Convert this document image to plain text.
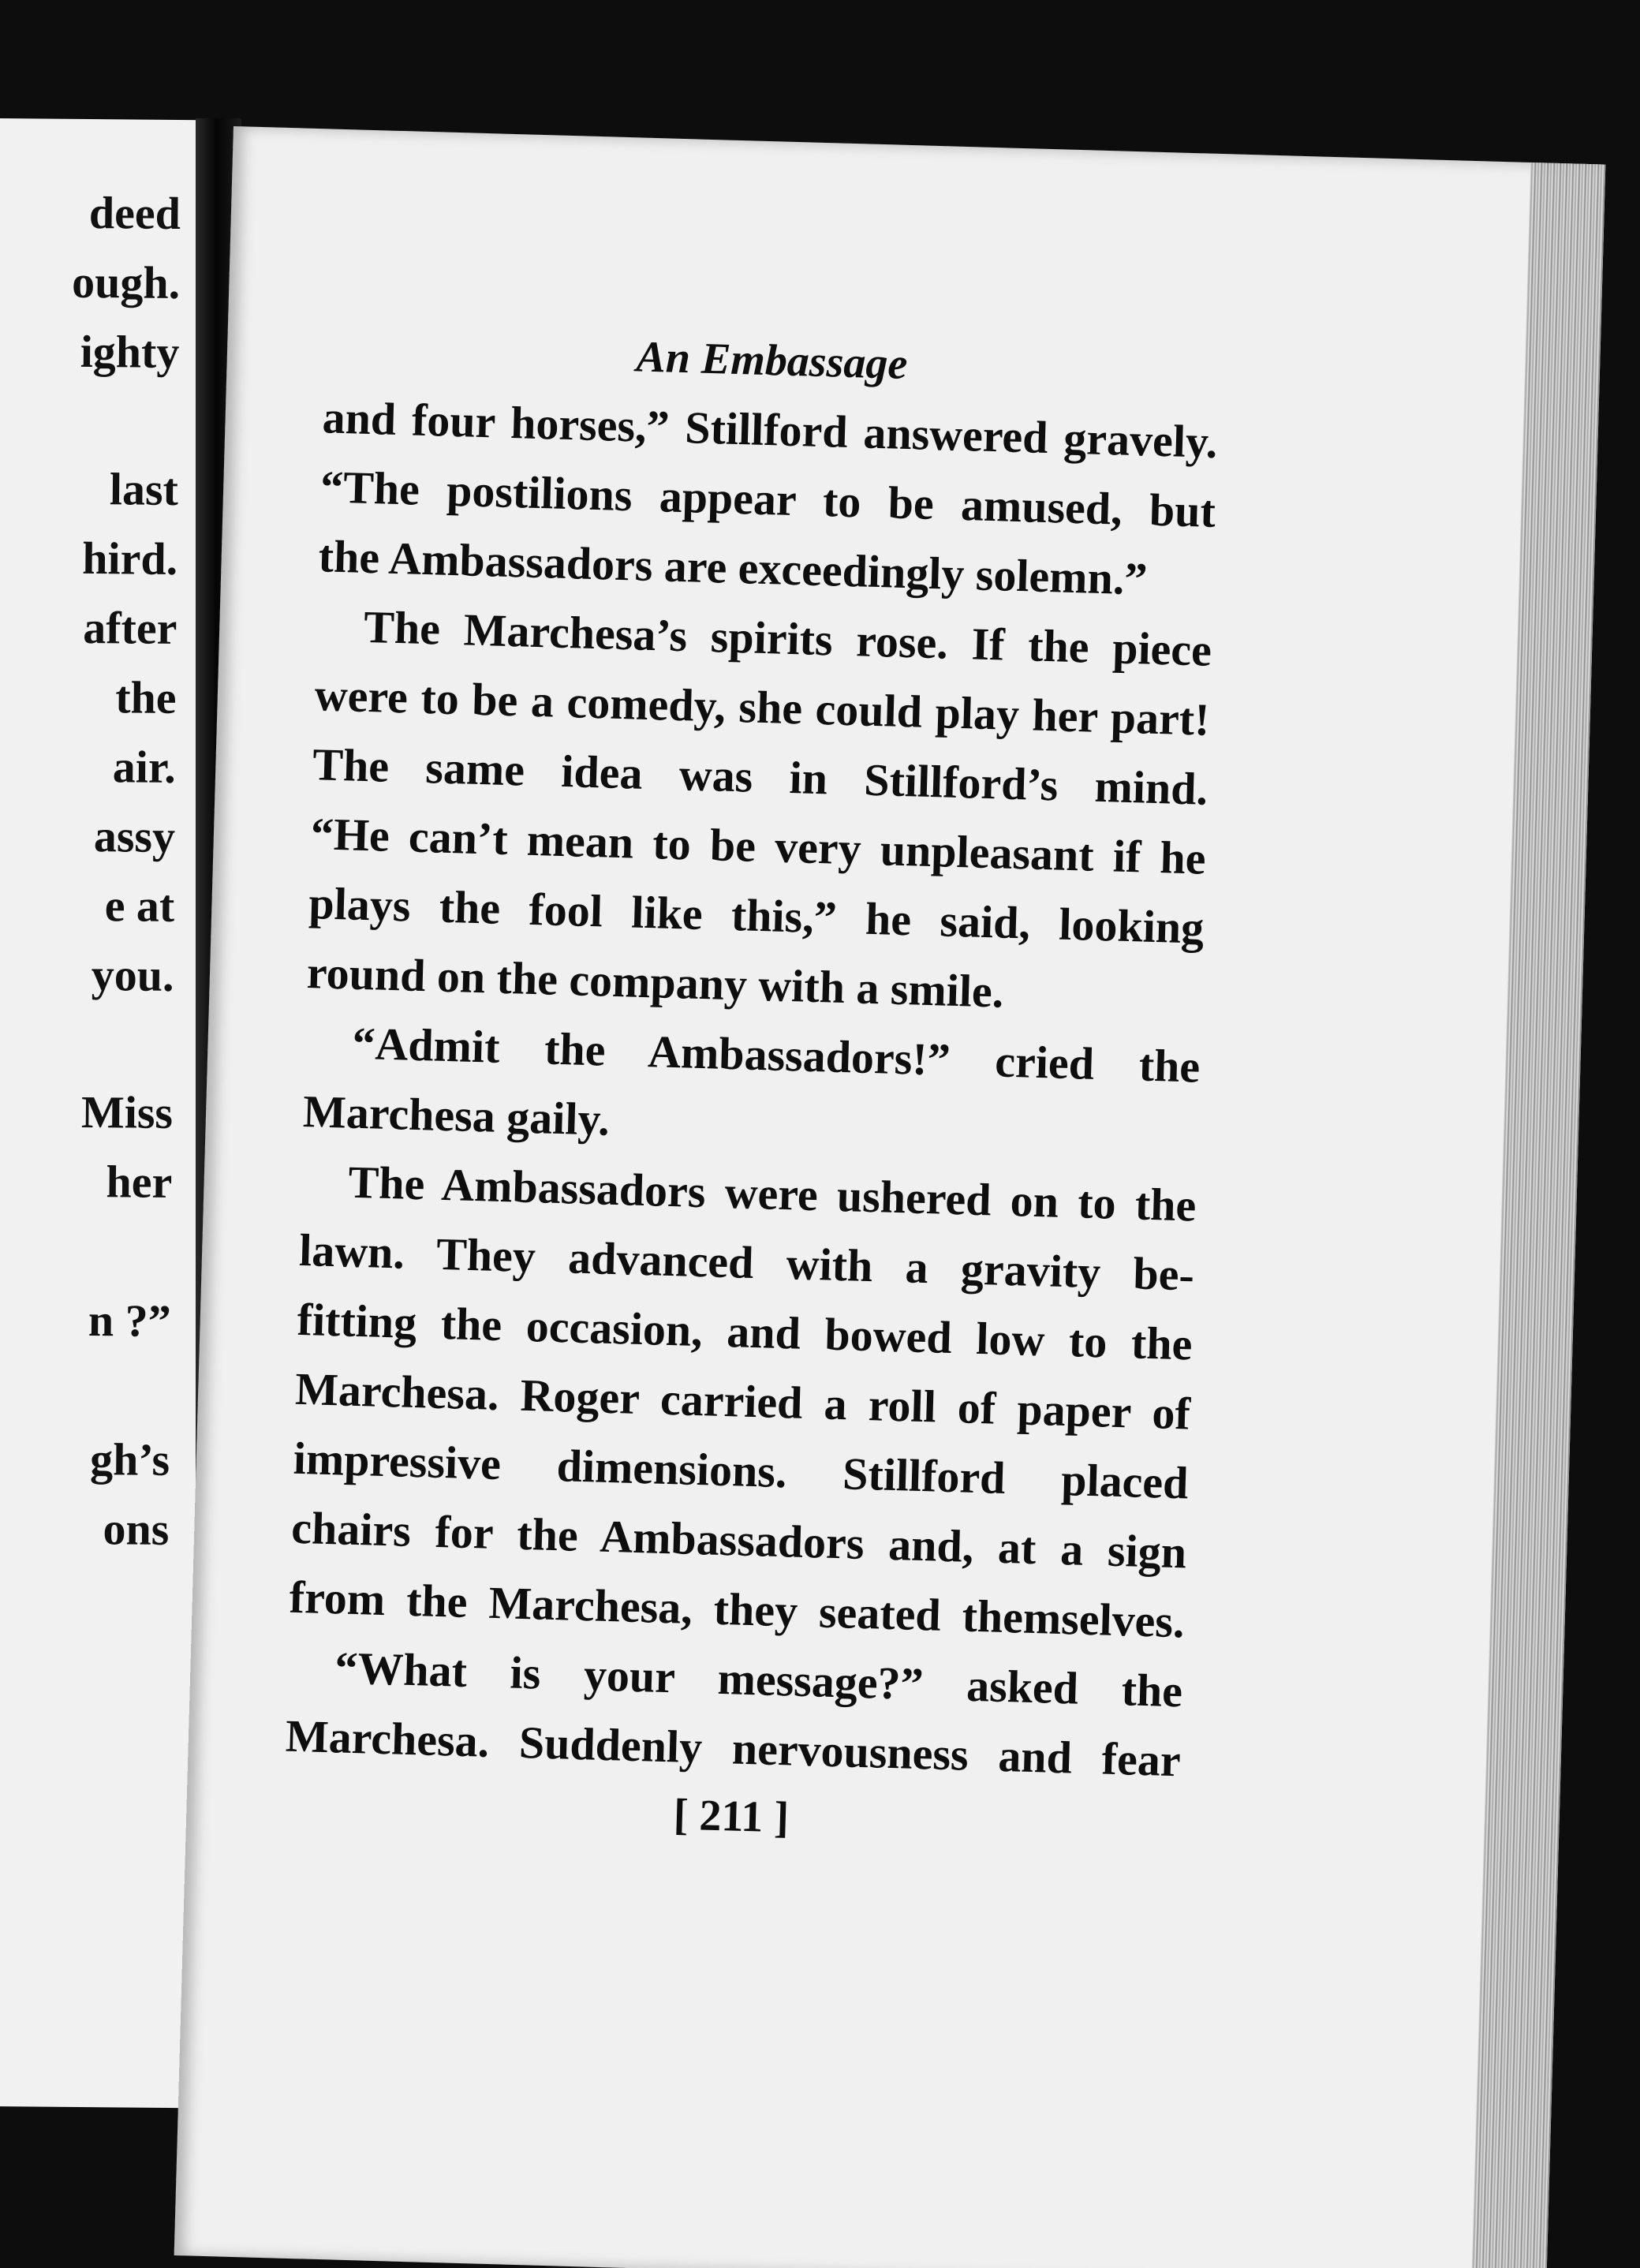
deed
ough.
ighty
last
hird.
after
the
air.
assy
e at
you.
Miss
her
n ?”
gh’s
ons
An Embassage
and four horses,” Stillford answered gravely.
“The postilions appear to be amused, but
the Ambassadors are exceedingly solemn.”
The Marchesa’s spirits rose. If the piece
were to be a comedy, she could play her part!
The same idea was in Stillford’s mind.
“He can’t mean to be very unpleasant if he
plays the fool like this,” he said, looking
round on the company with a smile.
“Admit the Ambassadors!” cried the
Marchesa gaily.
The Ambassadors were ushered on to the
lawn. They advanced with a gravity be-
fitting the occasion, and bowed low to the
Marchesa. Roger carried a roll of paper of
impressive dimensions. Stillford placed
chairs for the Ambassadors and, at a sign
from the Marchesa, they seated themselves.
“What is your message?” asked the
Marchesa. Suddenly nervousness and fear
[ 211 ]
